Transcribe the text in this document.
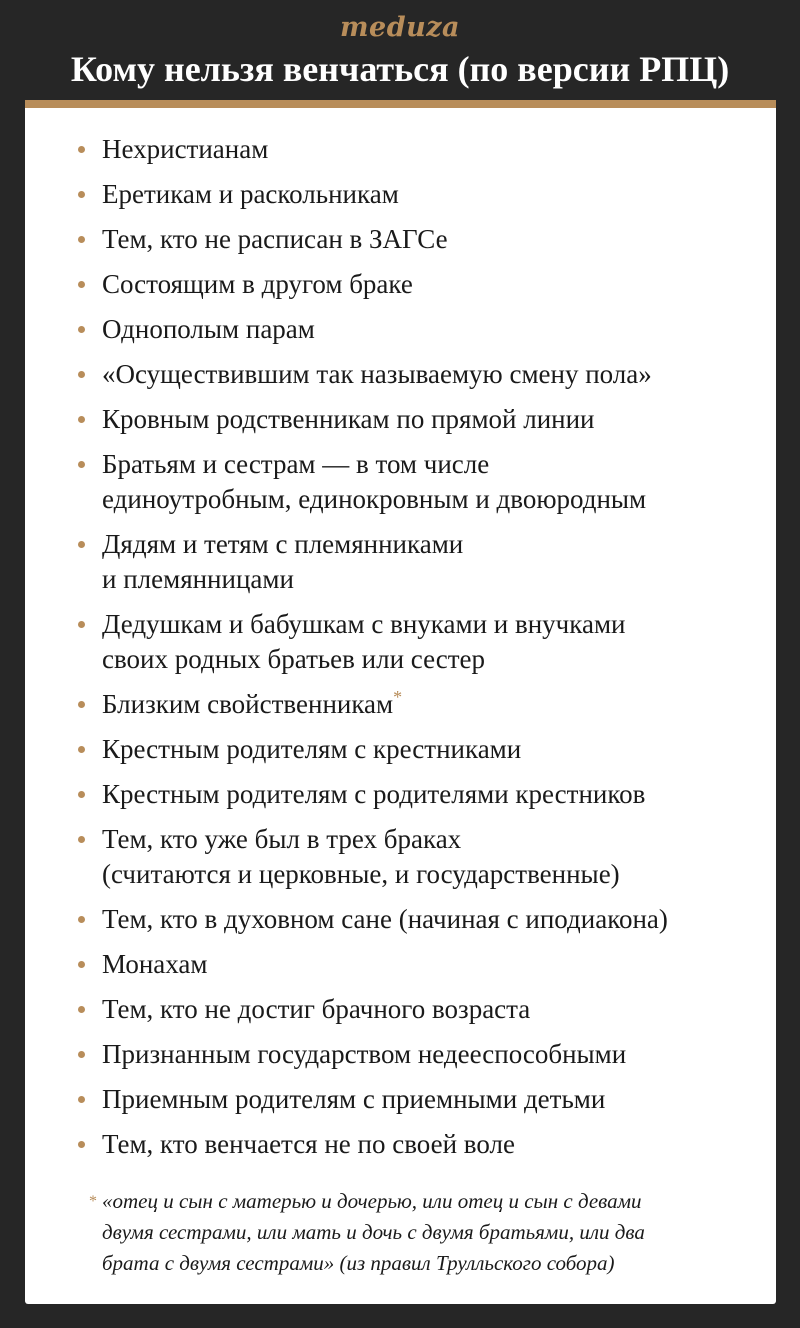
meduza
Кому нельзя венчаться (по версии РПЦ)
Нехристианам
Еретикам и раскольникам
Тем, кто не расписан в ЗАГСе
Состоящим в другом браке
Однополым парам
«Осуществившим так называемую смену пола»
Кровным родственникам по прямой линии
Братьям и сестрам — в том числе
единоутробным, единокровным и двоюродным
Дядям и тетям с племянниками
и племянницами
Дедушкам и бабушкам с внуками и внучками
своих родных братьев или сестер
Близким свойственникам*
Крестным родителям с крестниками
Крестным родителям с родителями крестников
Тем, кто уже был в трех браках
(считаются и церковные, и государственные)
Тем, кто в духовном сане (начиная с иподиакона)
Монахам
Тем, кто не достиг брачного возраста
Признанным государством недееспособными
Приемным родителям с приемными детьми
Тем, кто венчается не по своей воле
* «отец и сын с матерью и дочерью, или отец и сын с девами
двумя сестрами, или мать и дочь с двумя братьями, или два
брата с двумя сестрами» (из правил Трулльского собора)
